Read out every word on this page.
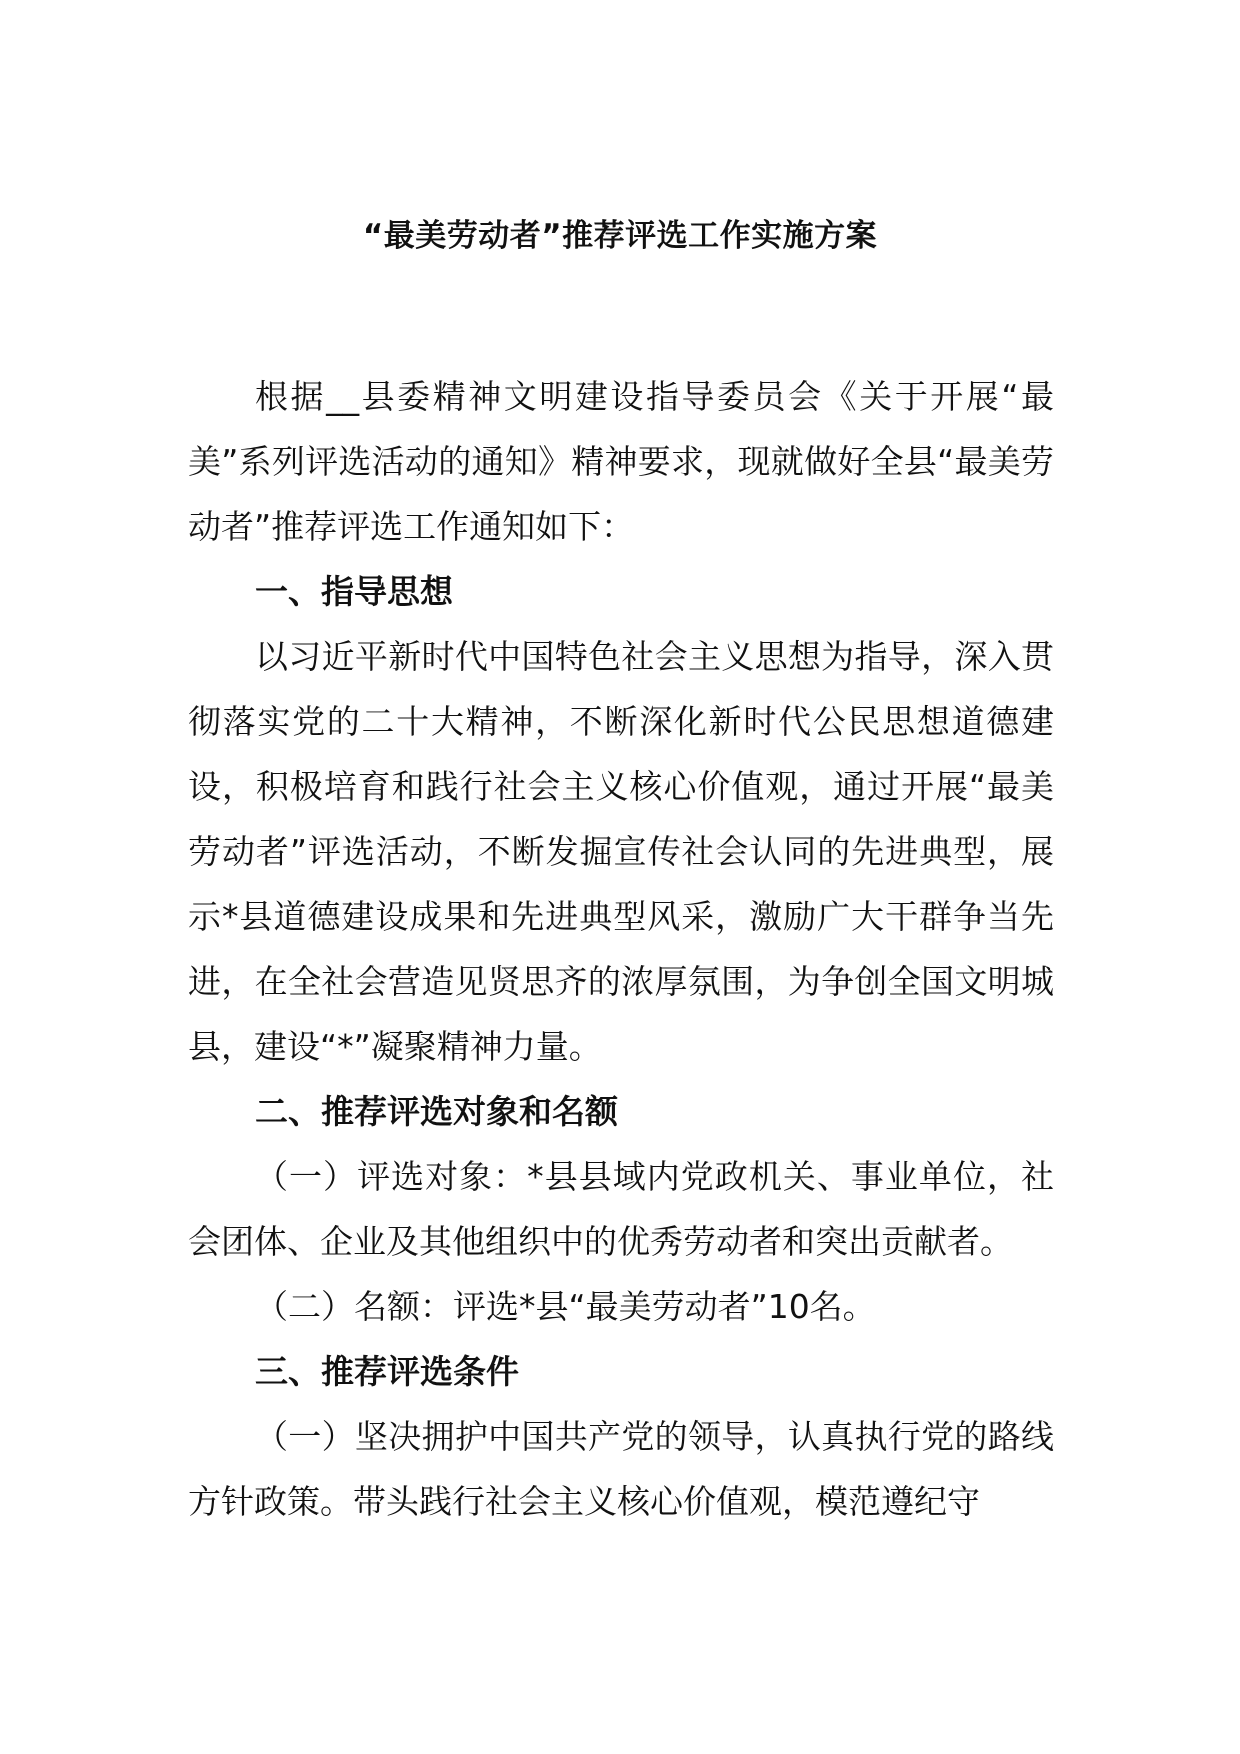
“最美劳动者”推荐评选工作实施方案

根据__县委精神文明建设指导委员会《关于开展“最美”系列评选活动的通知》精神要求，现就做好全县“最美劳动者”推荐评选工作通知如下：

一、指导思想

以习近平新时代中国特色社会主义思想为指导，深入贯彻落实党的二十大精神，不断深化新时代公民思想道德建设，积极培育和践行社会主义核心价值观，通过开展“最美劳动者”评选活动，不断发掘宣传社会认同的先进典型，展示*县道德建设成果和先进典型风采，激励广大干群争当先进，在全社会营造见贤思齐的浓厚氛围，为争创全国文明城县，建设“*”凝聚精神力量。

二、推荐评选对象和名额

（一）评选对象：*县县域内党政机关、事业单位，社会团体、企业及其他组织中的优秀劳动者和突出贡献者。

（二）名额：评选*县“最美劳动者”10名。

三、推荐评选条件

（一）坚决拥护中国共产党的领导，认真执行党的路线方针政策。带头践行社会主义核心价值观，模范遵纪守
